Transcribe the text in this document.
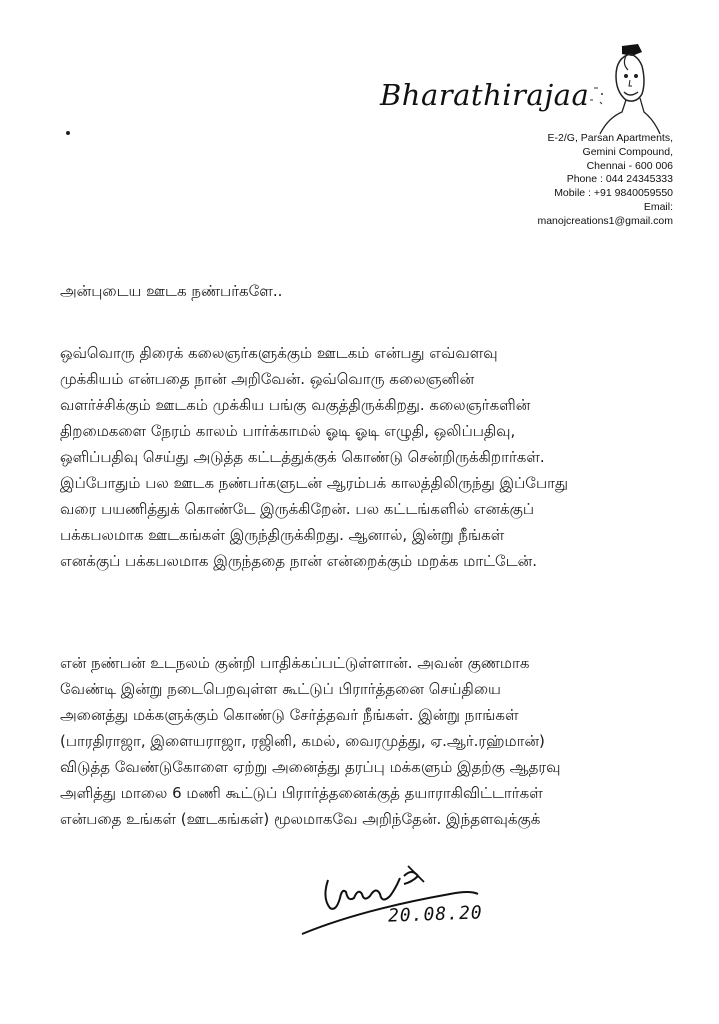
Bharathirajaa
E-2/G, Parsan Apartments,
Gemini Compound,
Chennai - 600 006
Phone : 044 24345333
Mobile : +91 9840059550
Email:
manojcreations1@gmail.com
அன்புடைய ஊடக நண்பர்களே..
ஒவ்வொரு திரைக் கலைஞர்களுக்கும் ஊடகம் என்பது எவ்வளவு
முக்கியம் என்பதை நான் அறிவேன். ஒவ்வொரு கலைஞனின்
வளர்ச்சிக்கும் ஊடகம் முக்கிய பங்கு வகுத்திருக்கிறது. கலைஞர்களின்
திறமைகளை நேரம் காலம் பார்க்காமல் ஓடி ஓடி எழுதி, ஒலிப்பதிவு,
ஒளிப்பதிவு செய்து அடுத்த கட்டத்துக்குக் கொண்டு சென்றிருக்கிறார்கள்.
இப்போதும் பல ஊடக நண்பர்களுடன் ஆரம்பக் காலத்திலிருந்து இப்போது
வரை பயணித்துக் கொண்டே இருக்கிறேன். பல கட்டங்களில் எனக்குப்
பக்கபலமாக ஊடகங்கள் இருந்திருக்கிறது. ஆனால், இன்று நீங்கள்
எனக்குப் பக்கபலமாக இருந்ததை நான் என்றைக்கும் மறக்க மாட்டேன்.
என் நண்பன் உடநலம் குன்றி பாதிக்கப்பட்டுள்ளான். அவன் குணமாக
வேண்டி இன்று நடைபெறவுள்ள கூட்டுப் பிரார்த்தனை செய்தியை
அனைத்து மக்களுக்கும் கொண்டு சேர்த்தவர் நீங்கள். இன்று நாங்கள்
(பாரதிராஜா, இளையராஜா, ரஜினி, கமல், வைரமுத்து, ஏ.ஆர்.ரஹ்மான்)
விடுத்த வேண்டுகோளை ஏற்று அனைத்து தரப்பு மக்களும் இதற்கு ஆதரவு
அளித்து மாலை 6 மணி கூட்டுப் பிரார்த்தனைக்குத் தயாராகிவிட்டார்கள்
என்பதை உங்கள் (ஊடகங்கள்) மூலமாகவே அறிந்தேன். இந்தளவுக்குக்
20.08.20
